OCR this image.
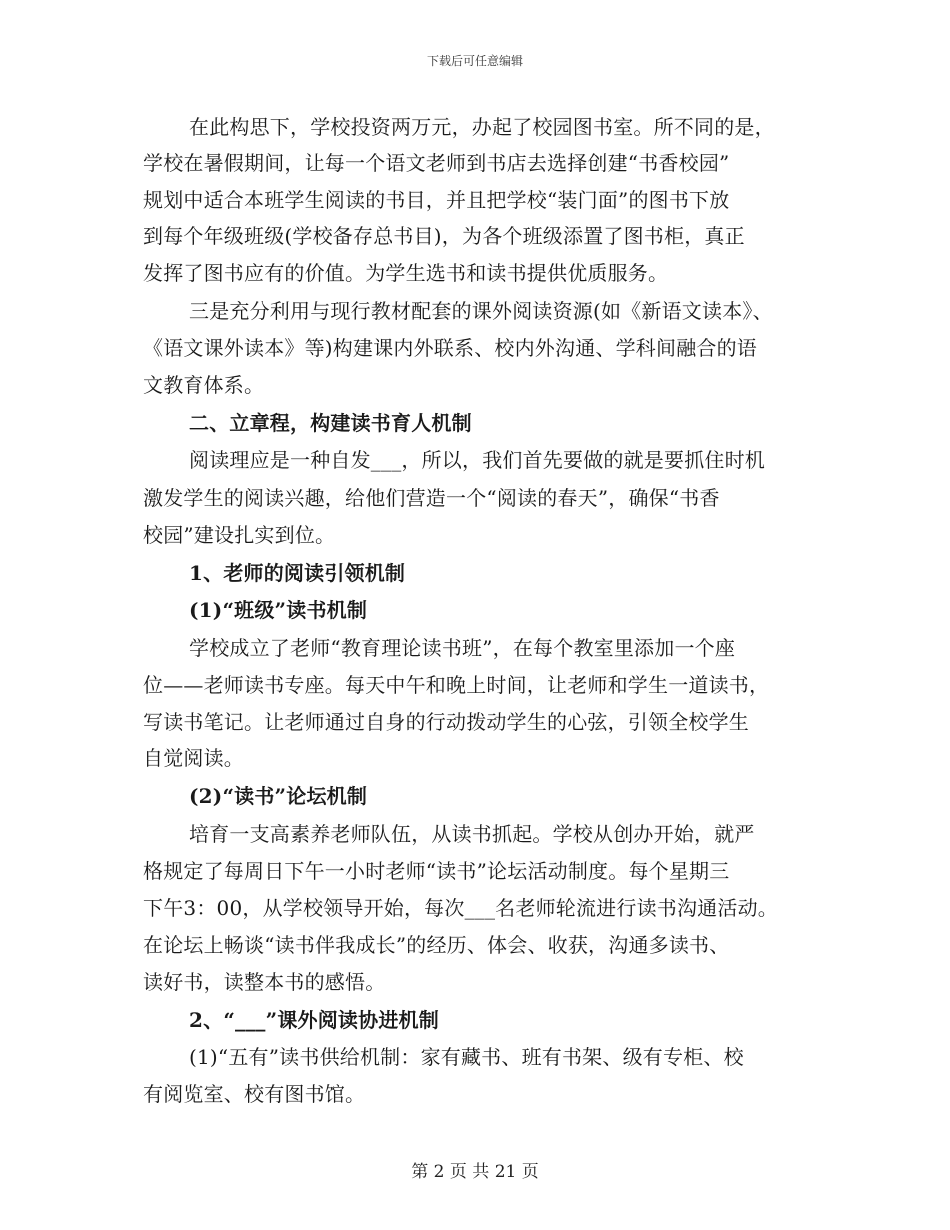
下载后可任意编辑
在此构思下，学校投资两万元，办起了校园图书室。所不同的是，
学校在暑假期间，让每一个语文老师到书店去选择创建“书香校园”
规划中适合本班学生阅读的书目，并且把学校“装门面”的图书下放
到每个年级班级(学校备存总书目)，为各个班级添置了图书柜，真正
发挥了图书应有的价值。为学生选书和读书提供优质服务。
三是充分利用与现行教材配套的课外阅读资源(如《新语文读本》、
《语文课外读本》等)构建课内外联系、校内外沟通、学科间融合的语
文教育体系。
二、立章程，构建读书育人机制
阅读理应是一种自发___，所以，我们首先要做的就是要抓住时机
激发学生的阅读兴趣，给他们营造一个“阅读的春天”，确保“书香
校园”建设扎实到位。
1、老师的阅读引领机制
(1)“班级”读书机制
学校成立了老师“教育理论读书班”，在每个教室里添加一个座
位——老师读书专座。每天中午和晚上时间，让老师和学生一道读书，
写读书笔记。让老师通过自身的行动拨动学生的心弦，引领全校学生
自觉阅读。
(2)“读书”论坛机制
培育一支高素养老师队伍，从读书抓起。学校从创办开始，就严
格规定了每周日下午一小时老师“读书”论坛活动制度。每个星期三
下午3：00，从学校领导开始，每次___名老师轮流进行读书沟通活动。
在论坛上畅谈“读书伴我成长”的经历、体会、收获，沟通多读书、
读好书，读整本书的感悟。
2、“___”课外阅读协进机制
(1)“五有”读书供给机制：家有藏书、班有书架、级有专柜、校
有阅览室、校有图书馆。
第 2 页 共 21 页
